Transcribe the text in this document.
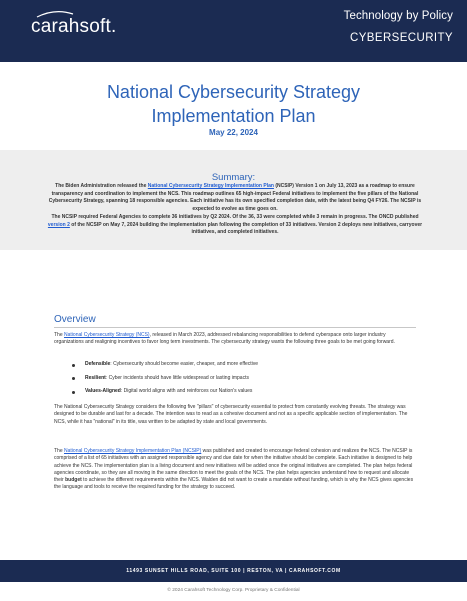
carahsoft.	Technology by Policy
CYBERSECURITY
National Cybersecurity Strategy
Implementation Plan
May 22, 2024
Summary:

The Biden Administration released the National Cybersecurity Strategy Implementation Plan (NCSIP) Version 1 on July 13, 2023 as a roadmap to ensure transparency and coordination to implement the NCS. This roadmap outlines 65 high-impact Federal initiatives to implement the five pillars of the National Cybersecurity Strategy, spanning 18 responsible agencies. Each initiative has its own specified completion date, with the latest being Q4 FY26. The NCSIP is expected to evolve as time goes on.

The NCSIP required Federal Agencies to complete 36 initiatives by Q2 2024. Of the 36, 33 were completed while 3 remain in progress. The ONCD published version 2 of the NCSIP on May 7, 2024 building the implementation plan following the completion of 33 initiatives. Version 2 deploys new initiatives, carryover initiatives, and completed initiatives.

Overview

The National Cybersecurity Strategy (NCS), released in March 2023, addressed rebalancing responsibilities to defend cyberspace onto larger industry organizations and realigning incentives to favor long term investments. The cybersecurity strategy wants the following three goals to be met going forward.

Defensible: Cybersecurity should become easier, cheaper, and more effective
Resilient: Cyber incidents should have little widespread or lasting impacts
Values-Aligned: Digital world aligns with and reinforces our Nation's values

The National Cybersecurity Strategy considers the following five "pillars" of cybersecurity essential to protect from constantly evolving threats. The strategy was designed to be durable and last for a decade. The intention was to read as a cohesive document and not as a specific applicable section of implementation. The NCS, while it has "national" in its title, was written to be adapted by state and local governments.

The National Cybersecurity Strategy Implementation Plan (NCSIP) was published and created to encourage federal cohesion and realizes the NCS. The NCSIP is comprised of a list of 65 initiatives with an assigned responsible agency and due date for when the initiative should be complete. Each initiative is designed to help achieve the NCS. The implementation plan is a living document and new initiatives will be added once the original initiatives are completed. The plan helps federal agencies coordinate, so they are all moving in the same direction to meet the goals of the NCS. The plan helps agencies understand how to request and allocate their budget to achieve the different requirements within the NCS. Walden did not want to create a mandate without funding, which is why the NCS gives agencies the language and tools to receive the required funding for the strategy to succeed.

11493 SUNSET HILLS ROAD, SUITE 100 | RESTON, VA | CARAHSOFT.COM
© 2024 Carahsoft Technology Corp. Proprietary & Confidential
